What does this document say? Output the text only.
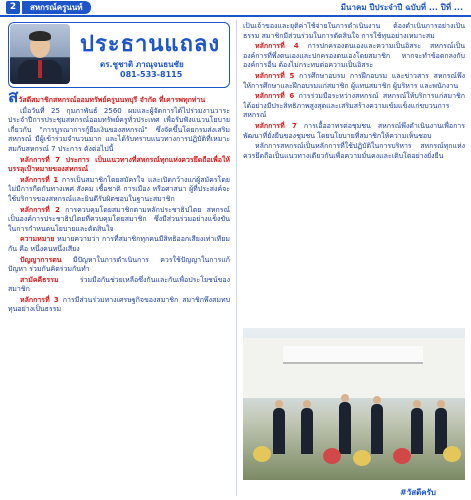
2	สหกรณ์ครูนนท์	มีนาคม ปีประจำปี ฉบับที่ ... ปีที่ ...
ประธานแถลง
ดร.ชูชาติ ภาณุจนธนชัย
081-533-8115

สวัสดีสมาชิกสหกรณ์ออมทรัพย์ครูนนทบุรี จำกัด ที่เคารพทุกท่าน

เมื่อวันที่ 25 กุมภาพันธ์ 2560 ผมและผู้จัดการได้ไปร่วมงานวาระประจำปีการประชุมสหกรณ์ออมทรัพย์ครูทั่วประเทศ เพื่อรับฟังแนวนโยบายเกี่ยวกับ "การบูรณาการกู้ยืมเงินของสหกรณ์" ซึ่งจัดขึ้นโดยกรมส่งเสริมสหกรณ์ มีผู้เข้าร่วมจำนวนมาก และได้รับทราบแนวทางการปฏิบัติที่เหมาะสมกับสหกรณ์ 7 ประการ ดังต่อไปนี้

หลักการที่ 7 ประการ เป็นแนวทางที่สหกรณ์ทุกแห่งควรยึดถือเพื่อให้บรรลุเป้าหมายของสหกรณ์

หลักการที่ 1 การเป็นสมาชิกโดยสมัครใจ และเปิดกว้างแก่ผู้สมัครโดยไม่มีการกีดกันทางเพศ สังคม เชื้อชาติ การเมือง หรือศาสนา ผู้ที่ประสงค์จะใช้บริการของสหกรณ์และยินดีรับผิดชอบในฐานะสมาชิก

หลักการที่ 2 การควบคุมโดยสมาชิกตามหลักประชาธิปไตย สหกรณ์เป็นองค์การประชาธิปไตยที่ควบคุมโดยสมาชิก ซึ่งมีส่วนร่วมอย่างแข็งขันในการกำหนดนโยบายและตัดสินใจ

ความหมาย หมายความว่า การที่สมาชิกทุกคนมีสิทธิออกเสียงเท่าเทียมกัน คือ หนึ่งคนหนึ่งเสียง

ปัญญาการตน มีปัญหาในการดำเนินการ ควรใช้ปัญญาในการแก้ปัญหา ร่วมกันคิดร่วมกันทำ

สามัคคีธรรม	ร่วมมือกันช่วยเหลือซึ่งกันและกันเพื่อประโยชน์ของสมาชิก

หลักการที่ 3 การมีส่วนร่วมทางเศรษฐกิจของสมาชิก สมาชิกพึงสมทบทุนอย่างเป็นธรรม

เป็นเจ้าของและยุติค่าใช้จ่ายในการดำเนินงาน ต้องดำเนินการอย่างเป็นธรรม สมาชิกมีส่วนร่วมในการตัดสินใจ การใช้ทุนอย่างเหมาะสม

หลักการที่ 4 การปกครองตนเองและความเป็นอิสระ สหกรณ์เป็นองค์การที่พึ่งตนเองและปกครองตนเองโดยสมาชิก หากจะทำข้อตกลงกับองค์การอื่น ต้องไม่กระทบต่อความเป็นอิสระ

หลักการที่ 5 การศึกษาอบรม การฝึกอบรม และข่าวสาร สหกรณ์พึงให้การศึกษาและฝึกอบรมแก่สมาชิก ผู้แทนสมาชิก ผู้บริหาร และพนักงาน

หลักการที่ 6 การร่วมมือระหว่างสหกรณ์ สหกรณ์ให้บริการแก่สมาชิกได้อย่างมีประสิทธิภาพสูงสุดและเสริมสร้างความเข้มแข็งแก่ขบวนการสหกรณ์

หลักการที่ 7 การเอื้ออาทรต่อชุมชน สหกรณ์พึงดำเนินงานเพื่อการพัฒนาที่ยั่งยืนของชุมชน โดยนโยบายที่สมาชิกให้ความเห็นชอบ

หลักการสหกรณ์เป็นหลักการที่ใช้ปฏิบัติในการบริหาร สหกรณ์ทุกแห่งควรยึดถือเป็นแนวทางเดียวกันเพื่อความมั่นคงและเติบโตอย่างยั่งยืน

#วัสดีครับ
